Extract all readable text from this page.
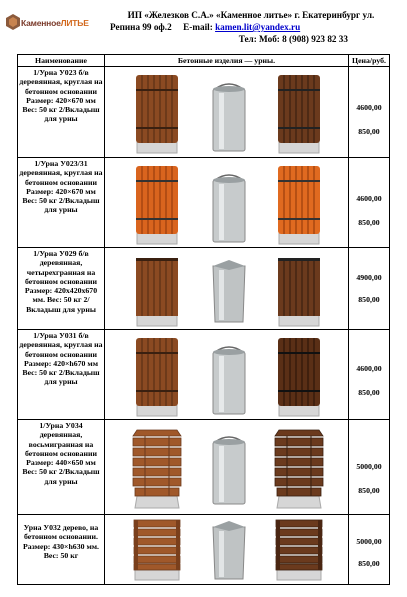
КаменноеЛИТЬЕ
ИП «Железков С.А.» «Каменное литье» г. Екатеринбург ул.
Репина 99 оф.2 E-mail: kamen.lit@yandex.ru
Тел: Моб: 8 (908) 923 82 33
Наименование	Бетонные изделия — урны.	Цена/руб.
1/Урна У023 б/в деревянная, круглая на бетонном основании Размер: 420×670 мм Вес: 50 кг 2/Вкладыш для урны
4600,00
850,00
1/Урна У023/31 деревянная, круглая на бетонном основании Размер: 420×670 мм Вес: 50 кг 2/Вкладыш для урны
4600,00
850,00
1/Урна У029 б/в деревянная, четырехгранная на бетонном основании Размер: 420х420х670 мм. Вес: 50 кг 2/Вкладыш для урны
4900,00
850,00
1/Урна У031 б/в деревянная, круглая на бетонном основании Размер: 420×h670 мм Вес: 50 кг 2/Вкладыш для урны
4600,00
850,00
1/Урна У034 деревянная, восьмигранная на бетонном основании Размер: 440×650 мм Вес: 50 кг 2/Вкладыш для урны
5000,00
850,00
Урна У032 дерево, на бетонном основании. Размер: 430×h630 мм. Вес: 50 кг
5000,00
850,00
